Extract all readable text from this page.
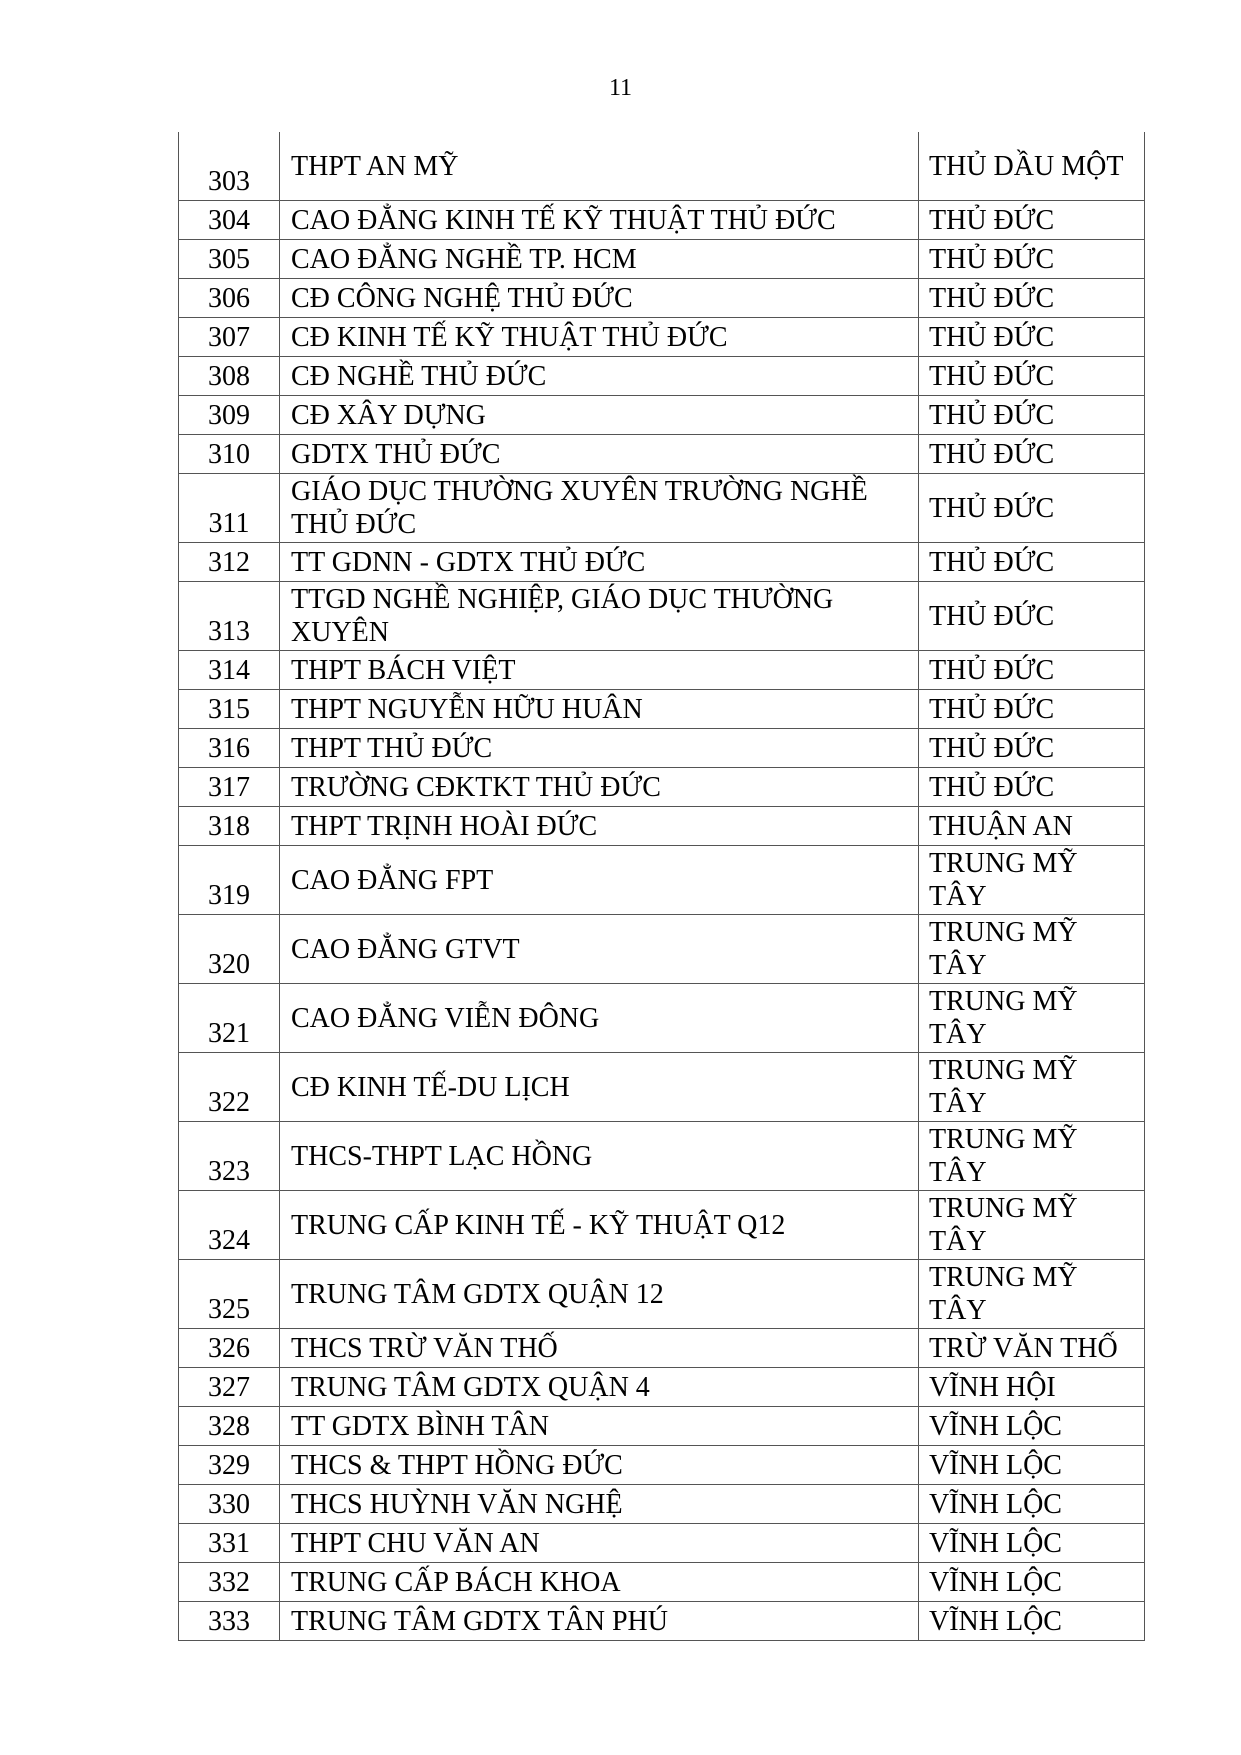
11
303	THPT AN MỸ	THỦ DẦU MỘT
304	CAO ĐẲNG KINH TẾ KỸ THUẬT THỦ ĐỨC	THỦ ĐỨC
305	CAO ĐẲNG NGHỀ TP. HCM	THỦ ĐỨC
306	CĐ CÔNG NGHỆ THỦ ĐỨC	THỦ ĐỨC
307	CĐ KINH TẾ KỸ THUẬT THỦ ĐỨC	THỦ ĐỨC
308	CĐ NGHỀ THỦ ĐỨC	THỦ ĐỨC
309	CĐ XÂY DỰNG	THỦ ĐỨC
310	GDTX THỦ ĐỨC	THỦ ĐỨC
311	GIÁO DỤC THƯỜNG XUYÊN TRƯỜNG NGHỀ THỦ ĐỨC	THỦ ĐỨC
312	TT GDNN - GDTX THỦ ĐỨC	THỦ ĐỨC
313	TTGD NGHỀ NGHIỆP, GIÁO DỤC THƯỜNG XUYÊN	THỦ ĐỨC
314	THPT BÁCH VIỆT	THỦ ĐỨC
315	THPT NGUYỄN HỮU HUÂN	THỦ ĐỨC
316	THPT THỦ ĐỨC	THỦ ĐỨC
317	TRƯỜNG CĐKTKT THỦ ĐỨC	THỦ ĐỨC
318	THPT TRỊNH HOÀI ĐỨC	THUẬN AN
319	CAO ĐẲNG FPT	TRUNG MỸ TÂY
320	CAO ĐẲNG GTVT	TRUNG MỸ TÂY
321	CAO ĐẲNG VIỄN ĐÔNG	TRUNG MỸ TÂY
322	CĐ KINH TẾ-DU LỊCH	TRUNG MỸ TÂY
323	THCS-THPT LẠC HỒNG	TRUNG MỸ TÂY
324	TRUNG CẤP KINH TẾ - KỸ THUẬT Q12	TRUNG MỸ TÂY
325	TRUNG TÂM GDTX QUẬN 12	TRUNG MỸ TÂY
326	THCS TRỪ VĂN THỐ	TRỪ VĂN THỐ
327	TRUNG TÂM GDTX QUẬN 4	VĨNH HỘI
328	TT GDTX BÌNH TÂN	VĨNH LỘC
329	THCS & THPT HỒNG ĐỨC	VĨNH LỘC
330	THCS HUỲNH VĂN NGHỆ	VĨNH LỘC
331	THPT CHU VĂN AN	VĨNH LỘC
332	TRUNG CẤP BÁCH KHOA	VĨNH LỘC
333	TRUNG TÂM GDTX TÂN PHÚ	VĨNH LỘC
